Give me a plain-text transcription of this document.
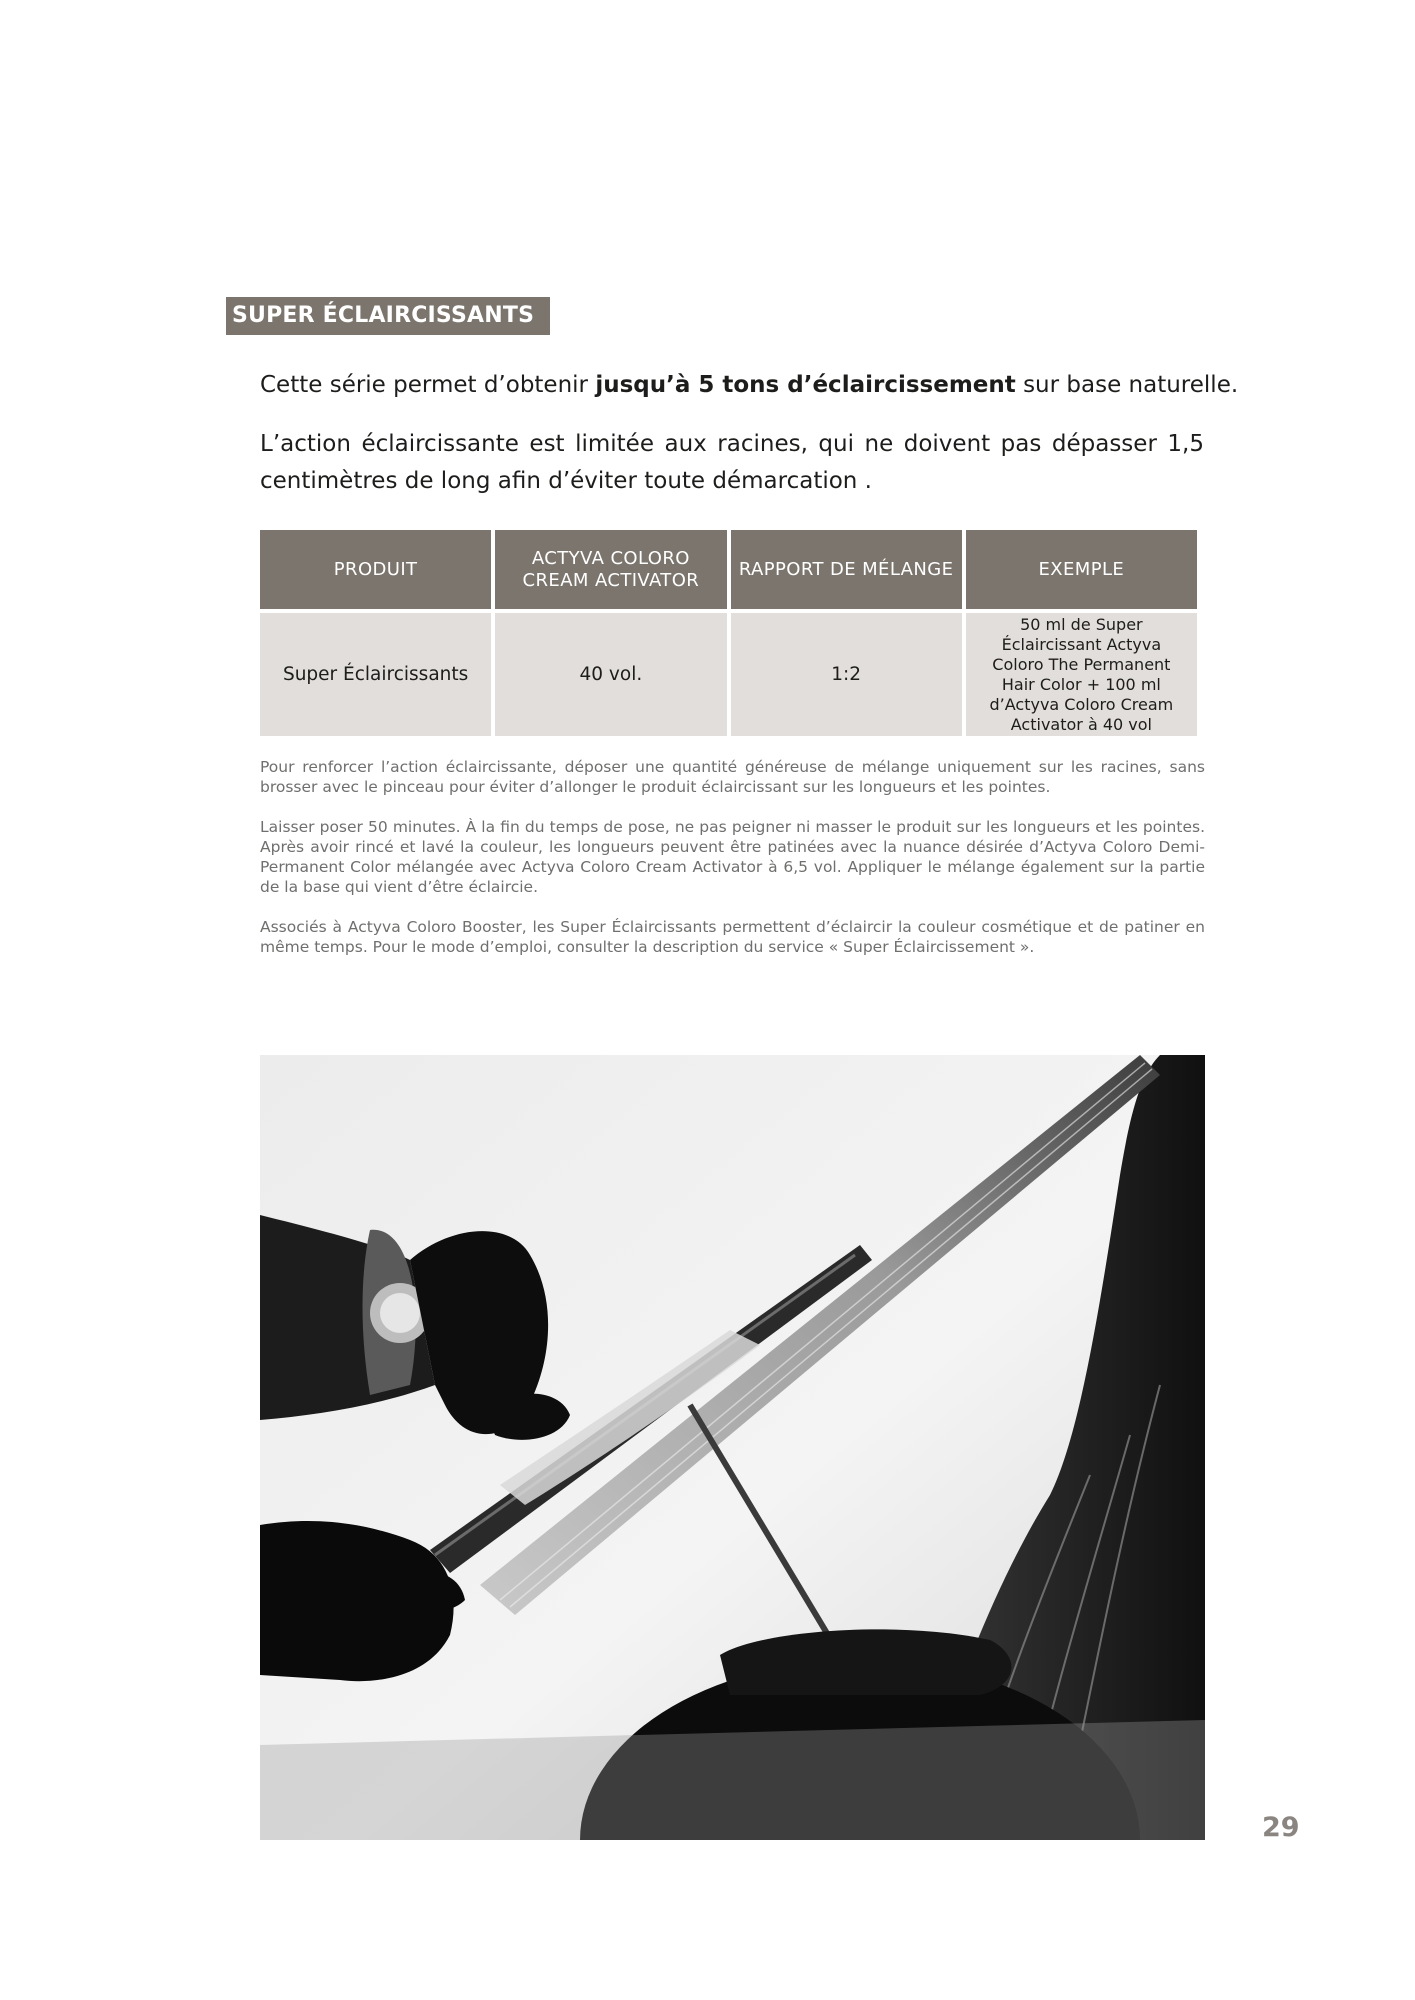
SUPER ÉCLAIRCISSANTS

Cette série permet d’obtenir jusqu’à 5 tons d’éclaircissement sur base naturelle.

L’action éclaircissante est limitée aux racines, qui ne doivent pas dépasser 1,5 centimètres de long afin d’éviter toute démarcation .

PRODUIT	ACTYVA COLORO CREAM ACTIVATOR	RAPPORT DE MÉLANGE	EXEMPLE
Super Éclaircissants	40 vol.	1:2	50 ml de Super Éclaircissant Actyva Coloro The Permanent Hair Color + 100 ml d’Actyva Coloro Cream Activator à 40 vol

Pour renforcer l’action éclaircissante, déposer une quantité généreuse de mélange uniquement sur les racines, sans brosser avec le pinceau pour éviter d’allonger le produit éclaircissant sur les longueurs et les pointes.

Laisser poser 50 minutes. À la fin du temps de pose, ne pas peigner ni masser le produit sur les longueurs et les pointes. Après avoir rincé et lavé la couleur, les longueurs peuvent être patinées avec la nuance désirée d’Actyva Coloro Demi-Permanent Color mélangée avec Actyva Coloro Cream Activator à 6,5 vol. Appliquer le mélange également sur la partie de la base qui vient d’être éclaircie.

Associés à Actyva Coloro Booster, les Super Éclaircissants permettent d’éclaircir la couleur cosmétique et de patiner en même temps. Pour le mode d’emploi, consulter la description du service « Super Éclaircissement ».

29
